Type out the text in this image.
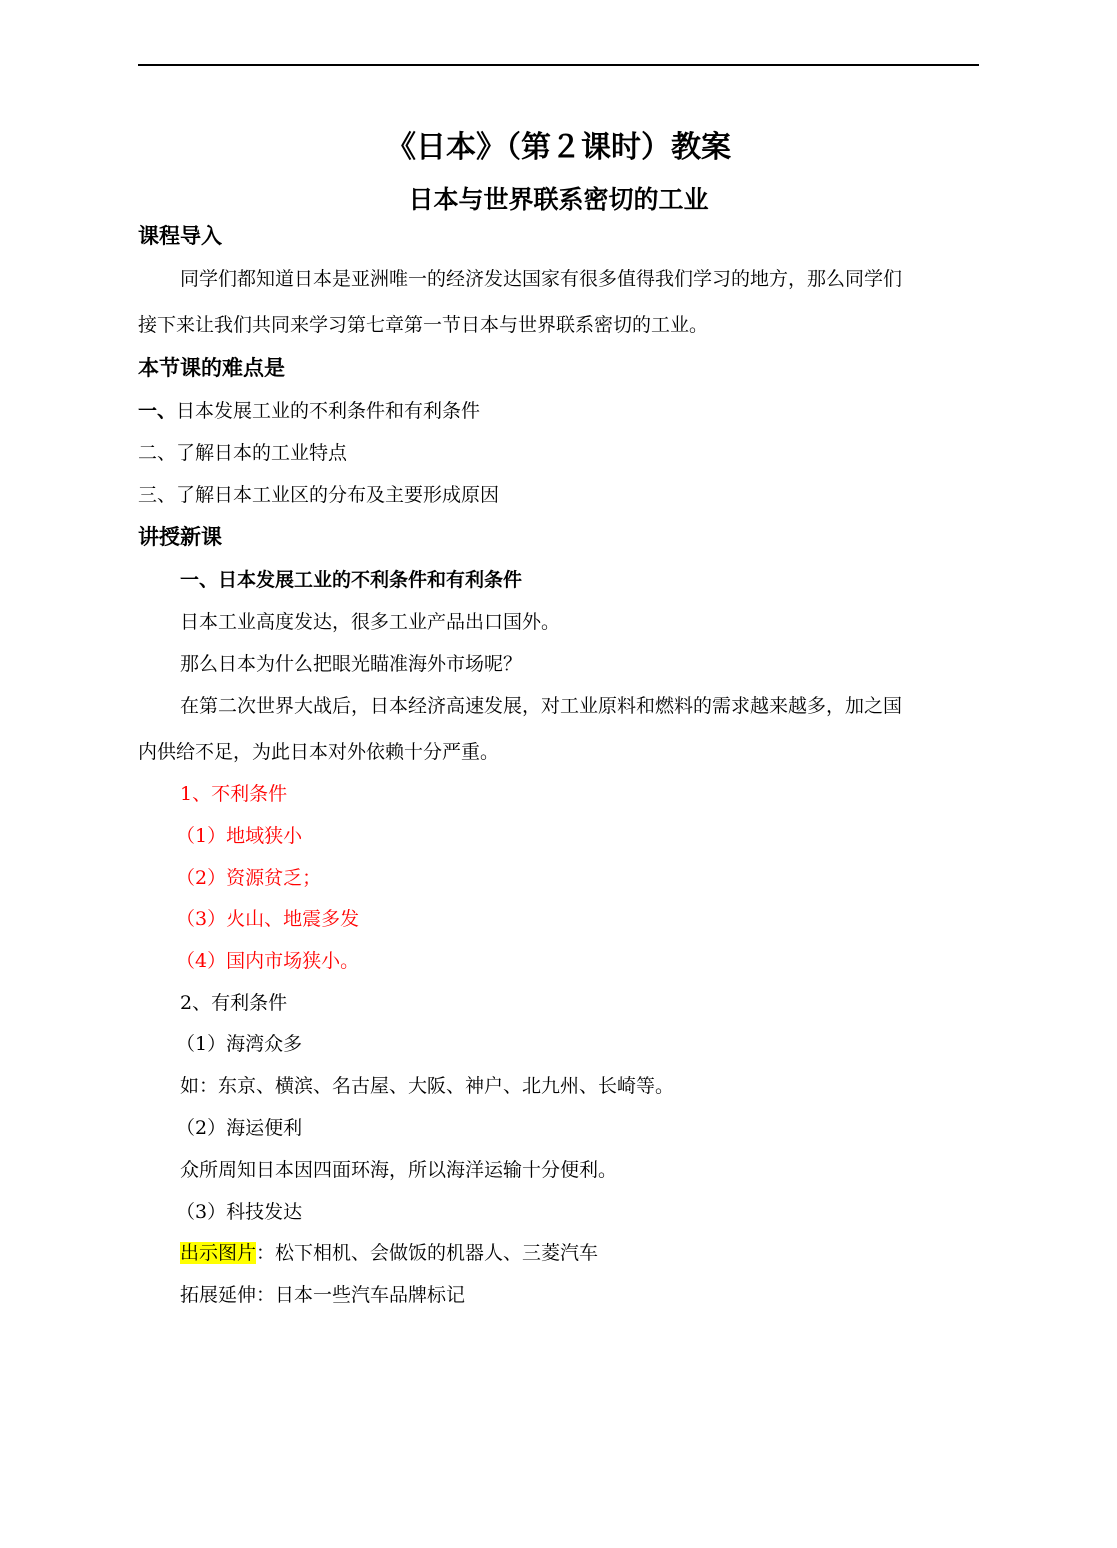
《日本》（第２课时）教案
日本与世界联系密切的工业
课程导入
同学们都知道日本是亚洲唯一的经济发达国家有很多值得我们学习的地方，那么同学们
接下来让我们共同来学习第七章第一节日本与世界联系密切的工业。
本节课的难点是
一、日本发展工业的不利条件和有利条件
二、了解日本的工业特点
三、了解日本工业区的分布及主要形成原因
讲授新课
一、日本发展工业的不利条件和有利条件
日本工业高度发达，很多工业产品出口国外。
那么日本为什么把眼光瞄准海外市场呢？
在第二次世界大战后，日本经济高速发展，对工业原料和燃料的需求越来越多，加之国
内供给不足，为此日本对外依赖十分严重。
1、不利条件
（1）地域狭小
（2）资源贫乏；
（3）火山、地震多发
（4）国内市场狭小。
2、有利条件
（1）海湾众多
如：东京、横滨、名古屋、大阪、神户、北九州、长崎等。
（2）海运便利
众所周知日本因四面环海，所以海洋运输十分便利。
（3）科技发达
出示图片：松下相机、会做饭的机器人、三菱汽车
拓展延伸：日本一些汽车品牌标记
